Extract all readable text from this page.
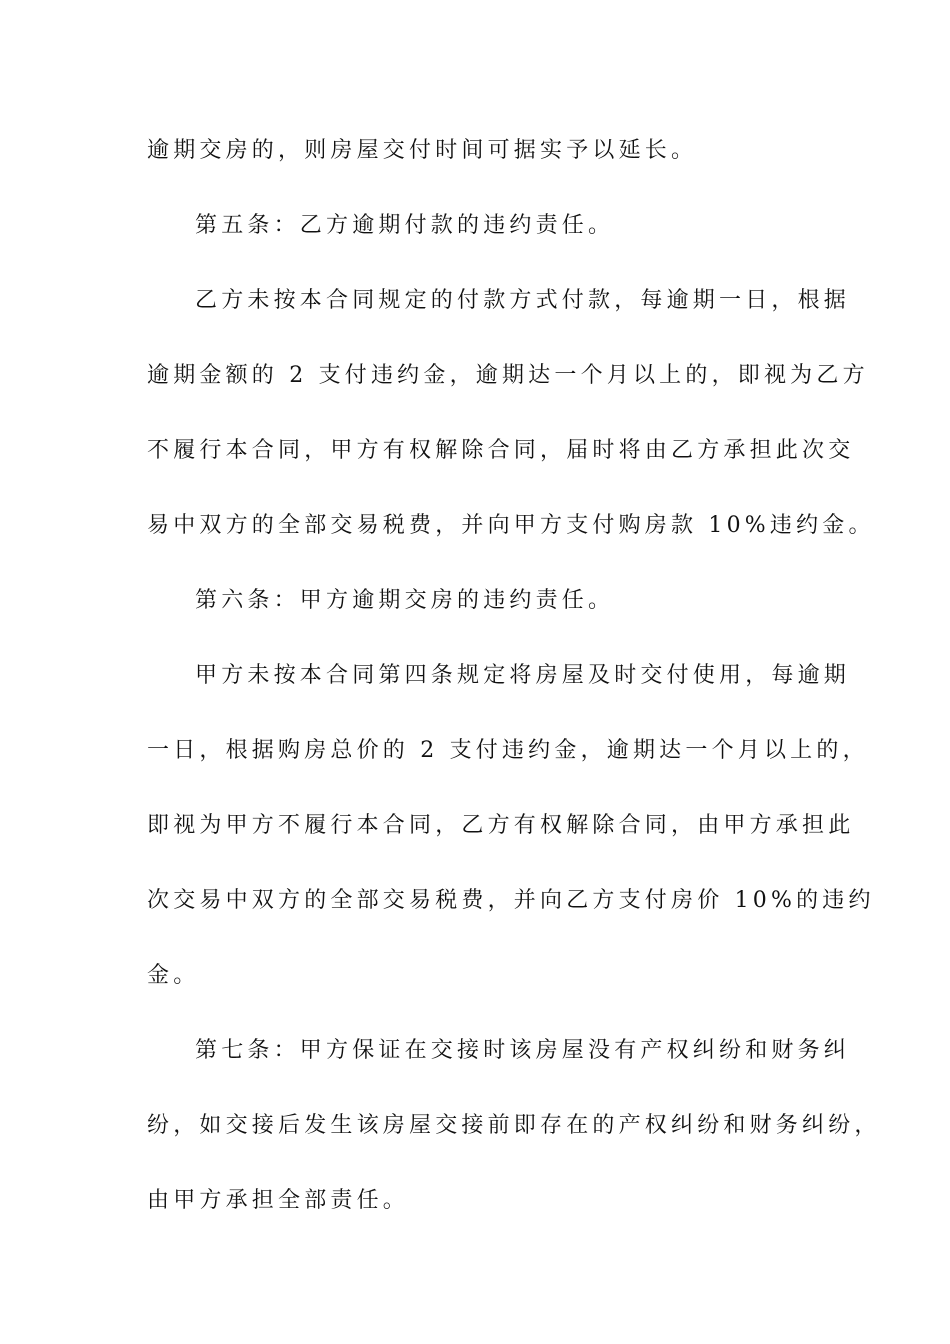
逾期交房的，则房屋交付时间可据实予以延长。
第五条：乙方逾期付款的违约责任。
乙方未按本合同规定的付款方式付款，每逾期一日，根据
逾期金额的 2 支付违约金，逾期达一个月以上的，即视为乙方
不履行本合同，甲方有权解除合同，届时将由乙方承担此次交
易中双方的全部交易税费，并向甲方支付购房款 10%违约金。
第六条：甲方逾期交房的违约责任。
甲方未按本合同第四条规定将房屋及时交付使用，每逾期
一日，根据购房总价的 2 支付违约金，逾期达一个月以上的，
即视为甲方不履行本合同，乙方有权解除合同，由甲方承担此
次交易中双方的全部交易税费，并向乙方支付房价 10%的违约
金。
第七条：甲方保证在交接时该房屋没有产权纠纷和财务纠
纷，如交接后发生该房屋交接前即存在的产权纠纷和财务纠纷，
由甲方承担全部责任。
